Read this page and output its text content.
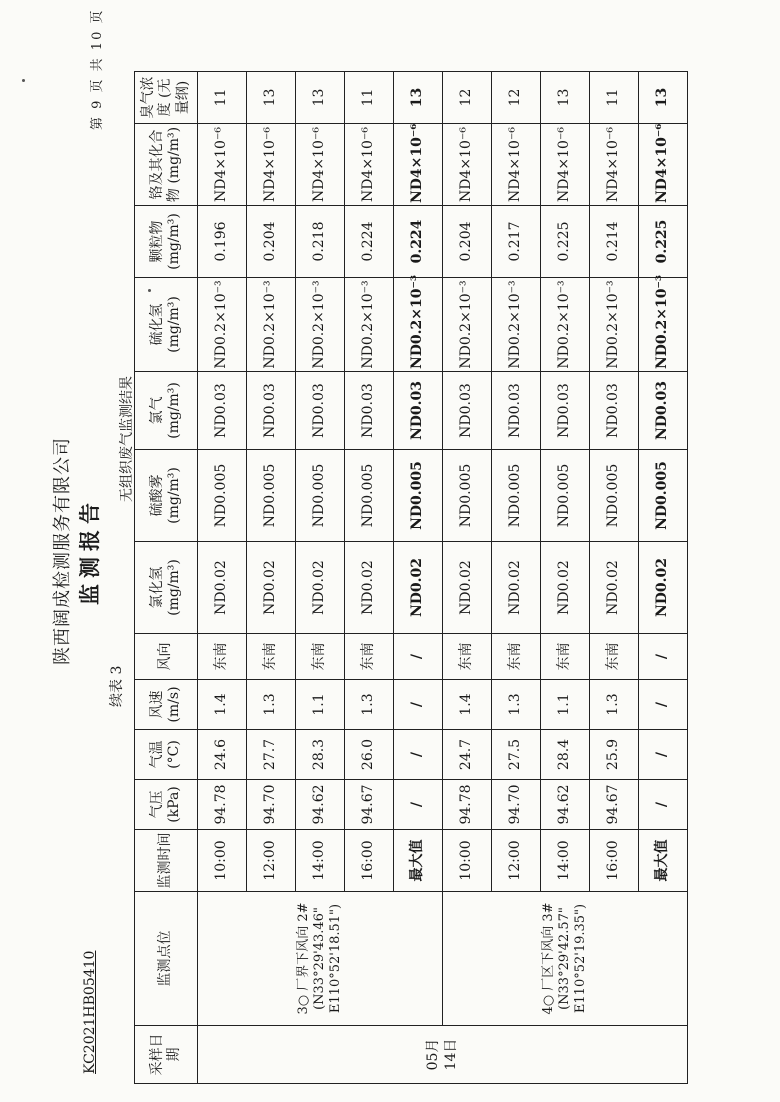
陕西阔成检测服务有限公司 监测报告
KC2021HB05410
第 9 页 共 10 页
续表 3
无组织废气监测结果
采样日期	监测点位	监测时间	气压 (kPa)	气温 (°C)	风速 (m/s)	风向	氯化氢 (mg/m³)	硫酸雾 (mg/m³)	氯气 (mg/m³)	硫化氢 (mg/m³)	颗粒物 (mg/m³)	铬及其化合物 (mg/m³)	臭气浓度 (无量纲)
05月 14日	3○ 厂界下风向 2# (N33°29'43.46" E110°52'18.51")	10:00	94.78	24.6	1.4	东南	ND0.02	ND0.005	ND0.03	ND0.2×10⁻³	0.196	ND4×10⁻⁶	11
		12:00	94.70	27.7	1.3	东南	ND0.02	ND0.005	ND0.03	ND0.2×10⁻³	0.204	ND4×10⁻⁶	13
		14:00	94.62	28.3	1.1	东南	ND0.02	ND0.005	ND0.03	ND0.2×10⁻³	0.218	ND4×10⁻⁶	13
		16:00	94.67	26.0	1.3	东南	ND0.02	ND0.005	ND0.03	ND0.2×10⁻³	0.224	ND4×10⁻⁶	11
		最大值	/	/	/	/	ND0.02	ND0.005	ND0.03	ND0.2×10⁻³	0.224	ND4×10⁻⁶	13
	4○ 厂区下风向 3# (N33°29'42.57" E110°52'19.35")	10:00	94.78	24.7	1.4	东南	ND0.02	ND0.005	ND0.03	ND0.2×10⁻³	0.204	ND4×10⁻⁶	12
		12:00	94.70	27.5	1.3	东南	ND0.02	ND0.005	ND0.03	ND0.2×10⁻³	0.217	ND4×10⁻⁶	12
		14:00	94.62	28.4	1.1	东南	ND0.02	ND0.005	ND0.03	ND0.2×10⁻³	0.225	ND4×10⁻⁶	13
		16:00	94.67	25.9	1.3	东南	ND0.02	ND0.005	ND0.03	ND0.2×10⁻³	0.214	ND4×10⁻⁶	11
		最大值	/	/	/	/	ND0.02	ND0.005	ND0.03	ND0.2×10⁻³	0.225	ND4×10⁻⁶	13
